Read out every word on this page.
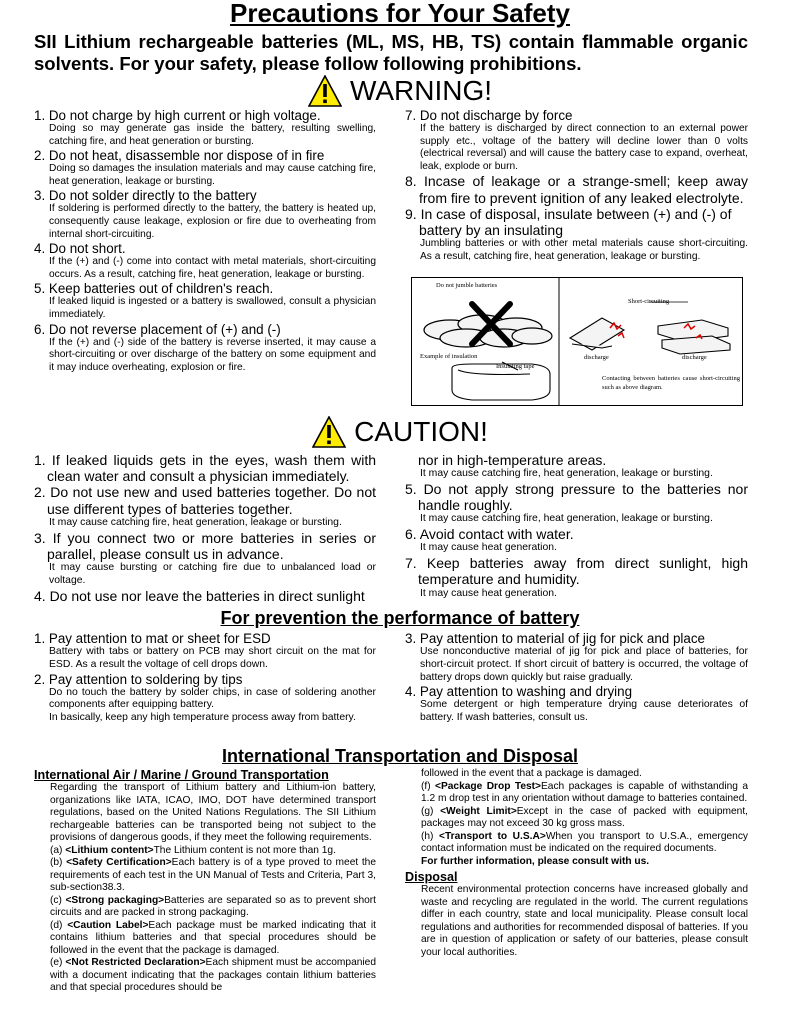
Precautions for Your Safety
SII Lithium rechargeable batteries (ML, MS, HB, TS) contain flammable organic solvents. For your safety, please follow following prohibitions.
WARNING!
1. Do not charge by high current or high voltage.
Doing so may generate gas inside the battery, resulting swelling, catching fire, and heat generation or bursting.
2. Do not heat, disassemble nor dispose of in fire
Doing so damages the insulation materials and may cause catching fire, heat generation, leakage or bursting.
3. Do not solder directly to the battery
If soldering is performed directly to the battery, the battery is heated up, consequently cause leakage, explosion or fire due to overheating from internal short-circuiting.
4. Do not short.
If the (+) and (-) come into contact with metal materials, short-circuiting occurs. As a result, catching fire, heat generation, leakage or bursting.
5. Keep batteries out of children's reach.
If leaked liquid is ingested or a battery is swallowed, consult a physician immediately.
6. Do not reverse placement of (+) and (-)
If the (+) and (-) side of the battery is reverse inserted, it may cause a short-circuiting or over discharge of the battery on some equipment and it may induce overheating, explosion or fire.
7. Do not discharge by force
If the battery is discharged by direct connection to an external power supply etc., voltage of the battery will decline lower than 0 volts (electrical reversal) and will cause the battery case to expand, overheat, leak, explode or burn.
8. Incase of leakage or a strange-smell; keep away from fire to prevent ignition of any leaked electrolyte.
9. In case of disposal, insulate between (+) and (-) of battery by an insulating
Jumbling batteries or with other metal materials cause short-circuiting. As a result, catching fire, heat generation, leakage or bursting.
Do not jumble batteries
Example of insulation
Insulating tape
Short-circuiting
discharge	discharge
Contacting between batteries cause short-circuiting such as above diagram.
CAUTION!
1. If leaked liquids gets in the eyes, wash them with clean water and consult a physician immediately.
2. Do not use new and used batteries together. Do not use different types of batteries together.
It may cause catching fire, heat generation, leakage or bursting.
3. If you connect two or more batteries in series or parallel, please consult us in advance.
It may cause bursting or catching fire due to unbalanced load or voltage.
4. Do not use nor leave the batteries in direct sunlight
nor in high-temperature areas.
It may cause catching fire, heat generation, leakage or bursting.
5. Do not apply strong pressure to the batteries nor handle roughly.
It may cause catching fire, heat generation, leakage or bursting.
6. Avoid contact with water.
It may cause heat generation.
7. Keep batteries away from direct sunlight, high temperature and humidity.
It may cause heat generation.
For prevention the performance of battery
1. Pay attention to mat or sheet for ESD
Battery with tabs or battery on PCB may short circuit on the mat for ESD. As a result the voltage of cell drops down.
2. Pay attention to soldering by tips
Do no touch the battery by solder chips, in case of soldering another components after equipping battery.
In basically, keep any high temperature process away from battery.
3. Pay attention to material of jig for pick and place
Use nonconductive material of jig for pick and place of batteries, for short-circuit protect. If short circuit of battery is occurred, the voltage of battery drops down quickly but raise gradually.
4. Pay attention to washing and drying
Some detergent or high temperature drying cause deteriorates of battery. If wash batteries, consult us.
International Transportation and Disposal
International Air / Marine / Ground Transportation
Regarding the transport of Lithium battery and Lithium-ion battery, organizations like IATA, ICAO, IMO, DOT have determined transport regulations, based on the United Nations Regulations. The SII Lithium rechargeable batteries can be transported being not subject to the provisions of dangerous goods, if they meet the following requirements.
(a) <Lithium content>The Lithium content is not more than 1g.
(b) <Safety Certification>Each battery is of a type proved to meet the requirements of each test in the UN Manual of Tests and Criteria, Part 3, sub-section38.3.
(c) <Strong packaging>Batteries are separated so as to prevent short circuits and are packed in strong packaging.
(d) <Caution Label>Each package must be marked indicating that it contains lithium batteries and that special procedures should be followed in the event that the package is damaged.
(e) <Not Restricted Declaration>Each shipment must be accompanied with a document indicating that the packages contain lithium batteries and that special procedures should be
followed in the event that a package is damaged.
(f) <Package Drop Test>Each packages is capable of withstanding a 1.2 m drop test in any orientation without damage to batteries contained.
(g) <Weight Limit>Except in the case of packed with equipment, packages may not exceed 30 kg gross mass.
(h) <Transport to U.S.A>When you transport to U.S.A., emergency contact information must be indicated on the required documents.
For further information, please consult with us.
Disposal
Recent environmental protection concerns have increased globally and waste and recycling are regulated in the world. The current regulations differ in each country, state and local municipality. Please consult local regulations and authorities for recommended disposal of batteries. If you are in question of application or safety of our batteries, please consult your local authorities.
